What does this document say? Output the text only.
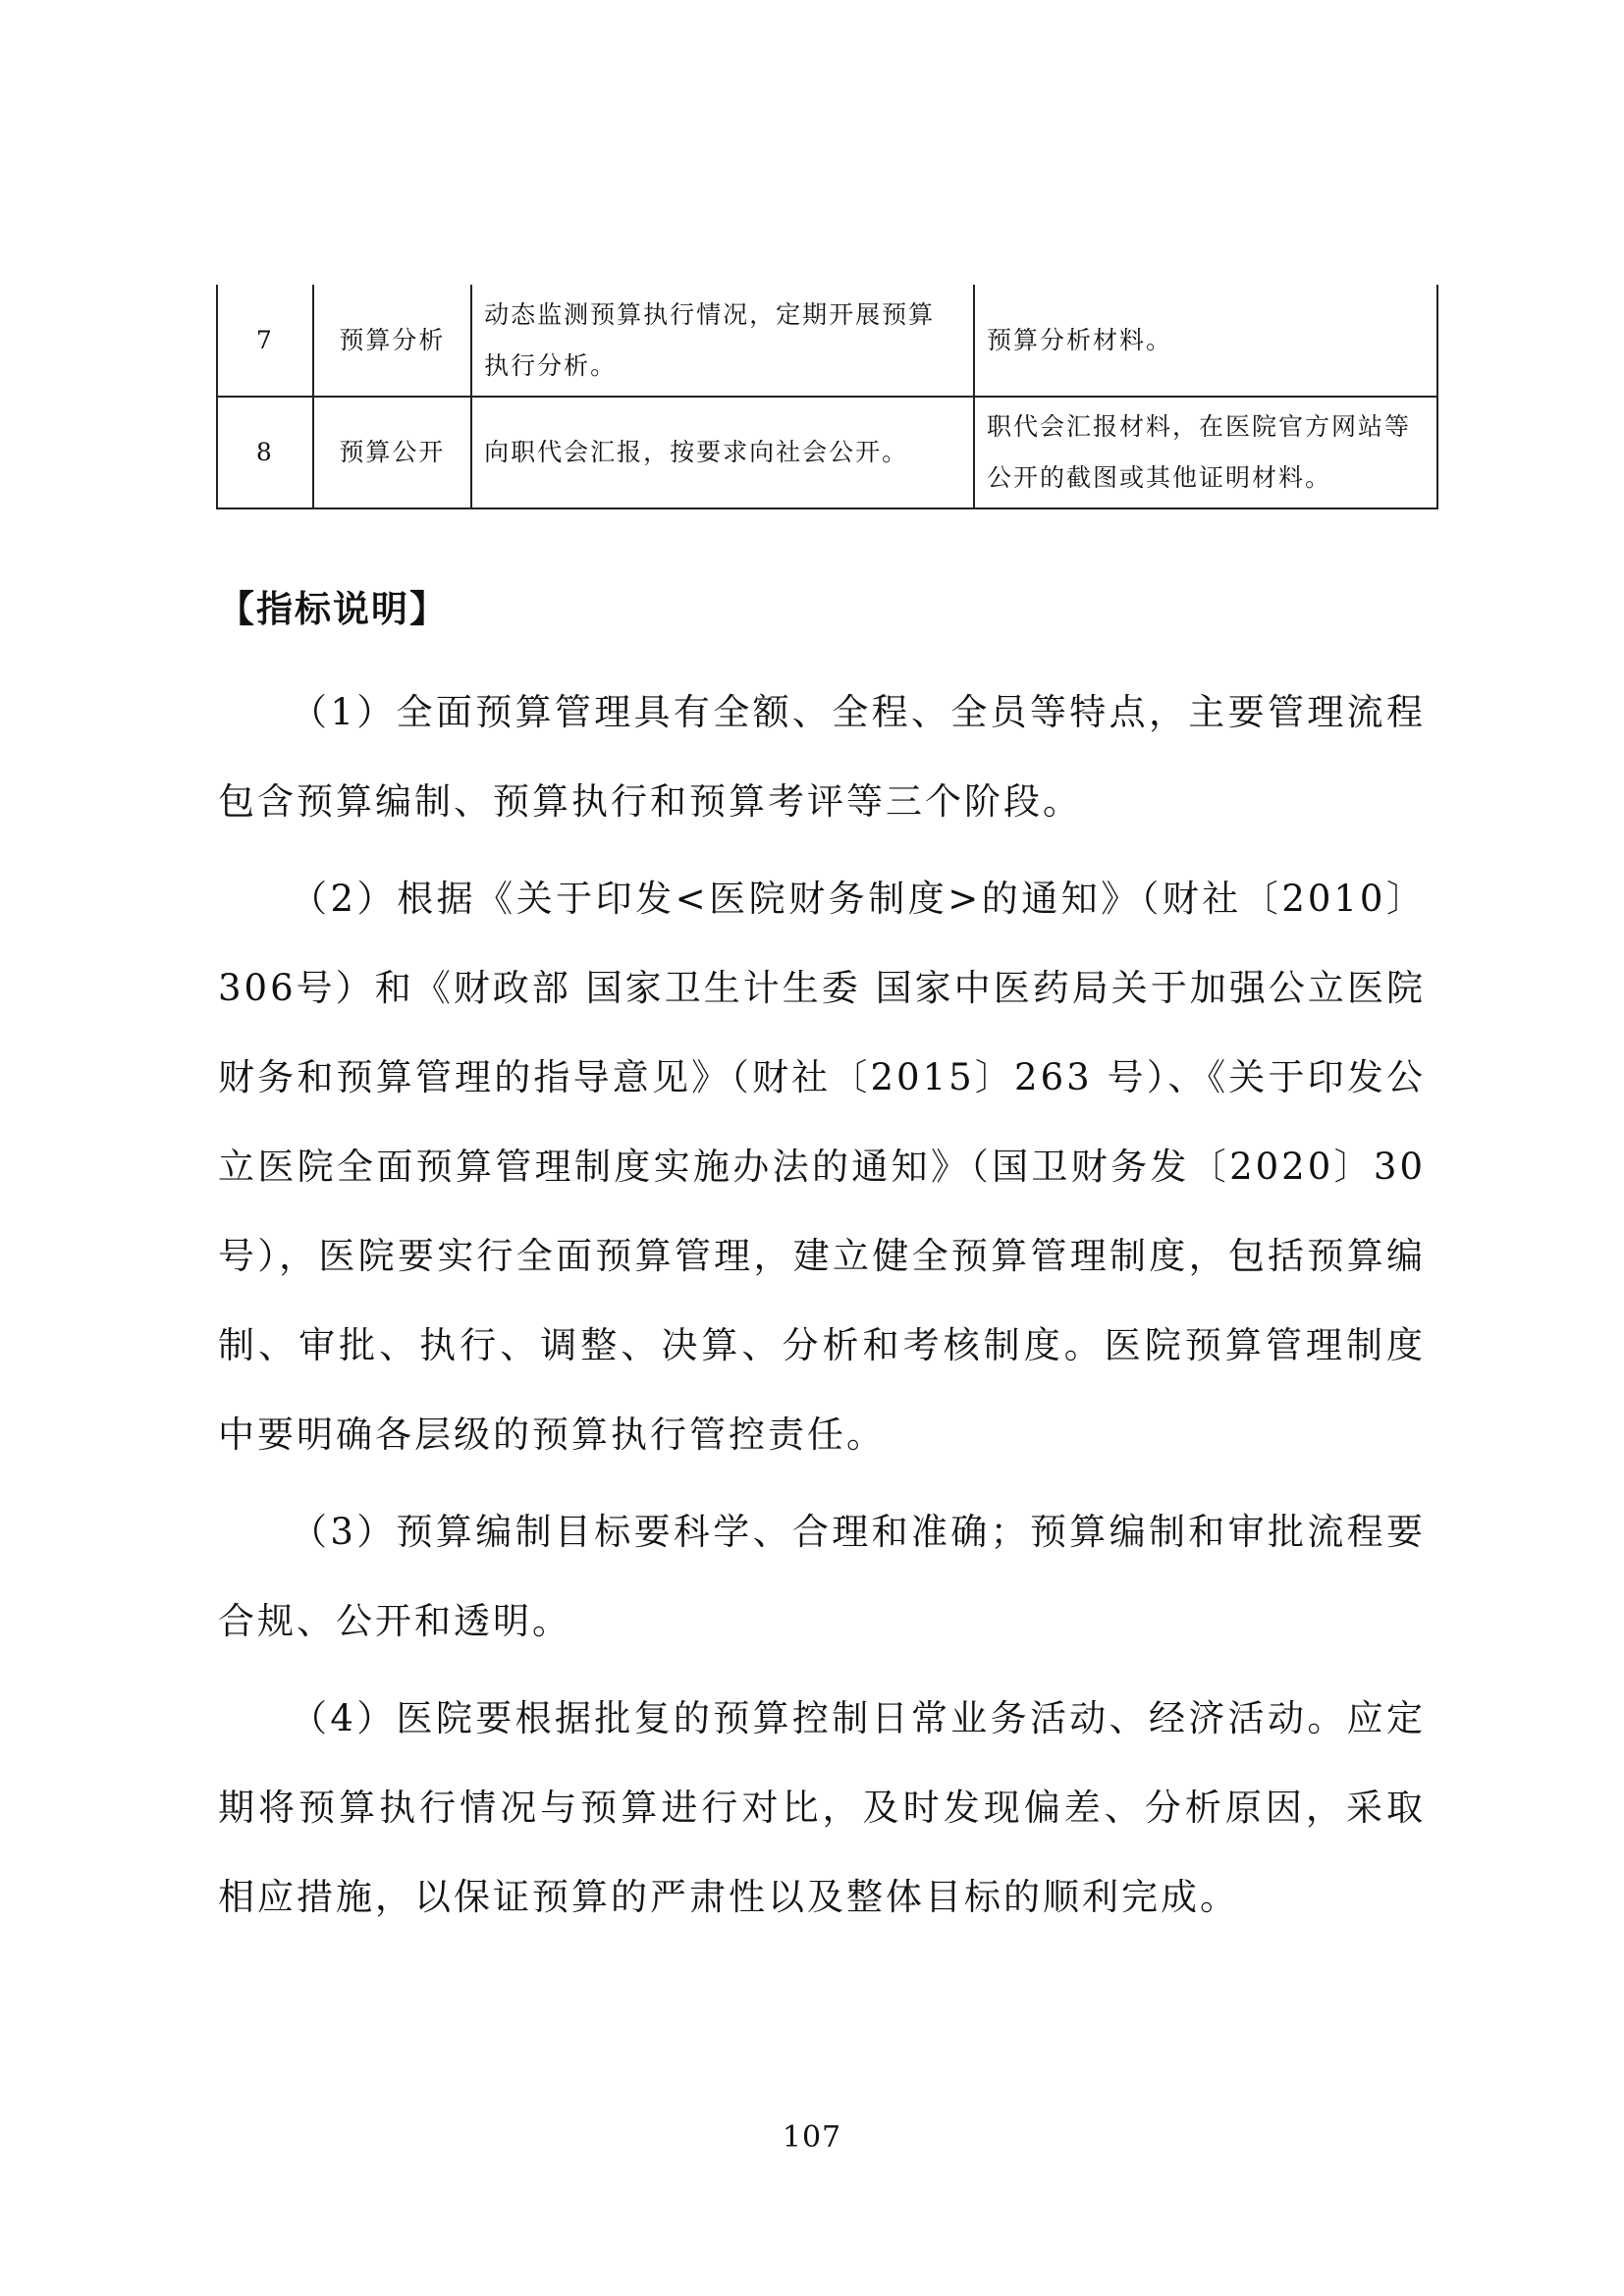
7	预算分析	动态监测预算执行情况，定期开展预算执行分析。	预算分析材料。
8	预算公开	向职代会汇报，按要求向社会公开。	职代会汇报材料，在医院官方网站等公开的截图或其他证明材料。
【指标说明】

（1）全面预算管理具有全额、全程、全员等特点，主要管理流程包含预算编制、预算执行和预算考评等三个阶段。

（2）根据《关于印发<医院财务制度>的通知》（财社〔2010〕306号）和《财政部 国家卫生计生委 国家中医药局关于加强公立医院财务和预算管理的指导意见》（财社〔2015〕263 号）、《关于印发公立医院全面预算管理制度实施办法的通知》（国卫财务发〔2020〕30号），医院要实行全面预算管理，建立健全预算管理制度，包括预算编制、审批、执行、调整、决算、分析和考核制度。医院预算管理制度中要明确各层级的预算执行管控责任。

（3）预算编制目标要科学、合理和准确；预算编制和审批流程要合规、公开和透明。

（4）医院要根据批复的预算控制日常业务活动、经济活动。应定期将预算执行情况与预算进行对比，及时发现偏差、分析原因，采取相应措施，以保证预算的严肃性以及整体目标的顺利完成。

107
